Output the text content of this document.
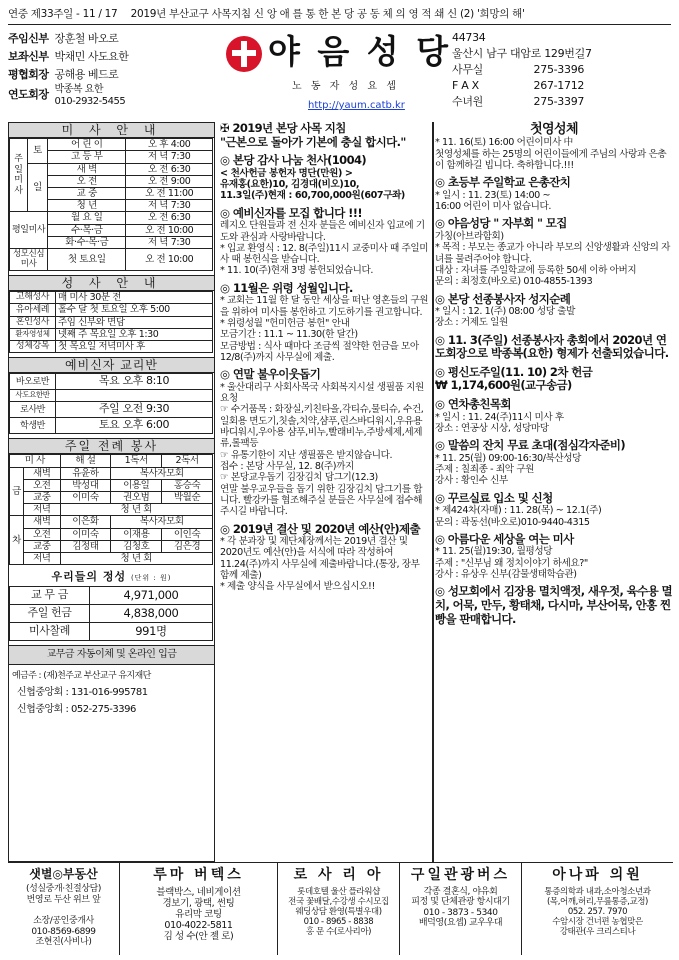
연중 제33주일 - 11 / 17　 2019년 부산교구 사목지침 신 앙 애 를 통 한 본 당 공 동 체 의 영 적 쇄 신 (2) '희망의 해'
주임신부	장훈철 바오로
보좌신부	박채민 사도요한
평협회장	공해용 베드로
연도회장	박종복 요한
010-2932-5455
야 음 성 당
노 동 자 성 요 셉
http://yaum.catb.kr
44734	
울산시 남구 대암로 129번길7	
사무실	275-3396
F A X	267-1712
수녀원	275-3397
미 사 안 내
주일미사	토	어 린 이	오 후 4:00
		고 등 부	저 녁 7:30
	일	새 벽	오 전 6:30
		오 전	오 전 9:00
		교 중	오 전 11:00
		청 년	저 녁 7:30
평일미사		월 요 일	오 전 6:30
		수·목·금	오 전 10:00
		화·수·목·금	저 녁 7:30
성모신심미사		첫 토요일	오 전 10:00
성 사 안 내
고해성사	매 미사 30분 전
유아세례	홀수 달 첫 토요일 오후 5:00
혼인성사	주임 신부와 면담
환자영성체	넷째 주 목요일 오후 1:30
성체강복	첫 목요일 저녁미사 후
예비신자 교리반
바오로반	목요 오후 8:10
사도요한반	
로사반	주일 오전 9:30
학생반	토요 오후 6:00
주일 전례 봉사
미 사		해 설	1독서	2독서
금	새벽	유윤하	복사자모회	
	오전	박성대	이용일	홍승숙
	교중	이미숙	권오범	박월순
	저녁	청 년 회		
차	새벽	이은화	복사자모회	
	오전	이미숙	이재용	이인숙
	교중	김정태	김청호	김은경
	저녁	청 년 회		
우리들의 정성 (단위 : 원)
교 무 금	4,971,000
주일 헌금	4,838,000
미사찰례	991명
교무금 자동이체 및 온라인 입금
예금주 : (재)천주교 부산교구 유지재단
신협중앙회 : 131-016-995781
신협중앙회 : 052-275-3396
✠ 2019년 본당 사목 지침
"근본으로 돌아가 기본에 충실 합시다."
◎ 본당 감사 나눔 천사(1004)
< 천사헌금 봉헌자 명단(만원) >
유재홍(요한)10, 김경대(비오)10,
11.3일(주)현재 : 60,700,000원(607구좌)
◎ 예비신자를 모집 합니다 !!!
레지오 단원들과 전 신자 분들은 예비신자 입교에 기도와 관심과 사랑바랍니다.
* 입교 환영식 : 12. 8(주일)11시 교중미사 때 주일미사 때 봉헌식을 받습니다.
* 11. 10(주)현재 3명 봉헌되었습니다.
◎ 11월은 위령 성월입니다.
* 교회는 11월 한 달 동안 세상을 떠난 영혼들의 구원을 위하여 미사를 봉헌하고 기도하기를 권고합니다.
* 위령성월 "헌미헌금 봉헌" 안내
모금기간 : 11.1 ~ 11.30(한 달간)
모금방법 : 식사 때마다 조금씩 절약한 헌금을 모아 12/8(주)까지 사무실에 제출.
◎ 연말 불우이웃돕기
* 울산대리구 사회사목국 사회복지시설 생필품 지원 요청
☞ 수거품목 : 화장실,키친타올,각티슈,물티슈, 수건,일회용 면도기,칫솔,치약,샴푸,린스바디워시,우유용 바디워시,우아용 샴푸,비누,빨래비누,주방세제,세제류,롤팩등
☞ 유통기한이 지난 생필품은 받지않습니다.
접수 : 본당 사무실, 12. 8(주)까지
☞ 본당교우돕기 김장김치 담그기(12.3)
연말 불우교우들을 돕기 위한 김장김치 담그기를 합니다. 빨강카를 협조해주실 분들은 사무실에 접수해 주시길 바랍니다.
◎ 2019년 결산 및 2020년 예산(안)제출
* 각 분과장 및 제단체장께서는 2019년 결산 및 2020년도 예산(안)을 서식에 따라 작성하여 11.24(주)까지 사무실에 제출바랍니다.(통장, 장부 함께 제출)
* 제출 양식을 사무실에서 받으십시오!!
첫영성체
* 11. 16(토) 16:00 어린이미사 中
첫영성체를 하는 25명의 어린이들에게 주님의 사랑과 은총이 함께하길 빕니다. 축하합니다.!!!
◎ 초등부 주일학교 은총잔치
* 일시 : 11. 23(토) 14:00 ~
16:00 어린이 미사 없습니다.
◎ 야음성당 " 자부회 " 모집
가칭(아브라함회)
* 목적 : 부모는 종교가 아니라 부모의 신앙생활과 신앙의 자녀를 물려주어야 합니다.
대상 : 자녀를 주일학교에 등록한 50세 이하 아버지
문의 : 최정호(바오로) 010-4855-1393
◎ 본당 선종봉사자 성지순례
* 일시 : 12. 1(주) 08:00 성당 출발
장소 : 거제도 일원
◎ 11. 3(주일) 선종봉사자 총회에서 2020년 연도회장으로 박종복(요한) 형제가 선출되었습니다.
◎ 평신도주일(11. 10) 2차 헌금
₩ 1,174,600원(교구송금)
◎ 연차총친목회
* 일시 : 11. 24(주)11시 미사 후
장소 : 연공상 시상, 성당마당
◎ 말씀의 잔치 무료 초대(점심각자준비)
* 11. 25(월) 09:00-16:30/북산성당
주제 : 칠죄종 - 죄악 구원
강사 : 황인수 신부
◎ 꾸르실료 입소 및 신청
* 제424차(자매) : 11. 28(목) ~ 12.1(주)
문의 : 곽동선(바오로)010-9440-4315
◎ 아름다운 세상을 여는 미사
* 11. 25(월)19:30, 월평성당
주제 : "신부님 왜 정치이야기 하세요?"
강사 : 유상우 신부(감물생태학습관)
◎ 성모회에서 김장용 멸치액젓, 새우젓, 육수용 멸치, 어묵, 만두, 황태채, 다시마, 부산어묵, 안홍 찐빵을 판매합니다.
샛별◎부동산
(성실중개·친절상담)
번영로 두산 위브 앞

소장/공인중개사
010-8569-6899
조현진(사비나)
루마 버텍스
블랙박스, 네비게이션
경보기, 광택, 썬팅
유리막 코팅
010-4022-5811
김 성 수(안 젤 로)
로 사 리 아
롯데호텔 울산 플라워샵
전국 꽃배달,수강생 수시모집
웨딩상담 환영(특별우대)
010 - 8965 - 8838
홍 문 수(로사리아)
구일관광버스
각종 결혼식, 야유회
피정 및 단체관광 항시대기
010 - 3873 - 5340
배덕영(요셉) 교우우대
아나파 의원
통증의학과 내과,소아청소년과
(목,어깨,허리,무릎통증,교정)
052. 257. 7970
수암시장 건너편 농협맞은
강태관(우 크리스티나
